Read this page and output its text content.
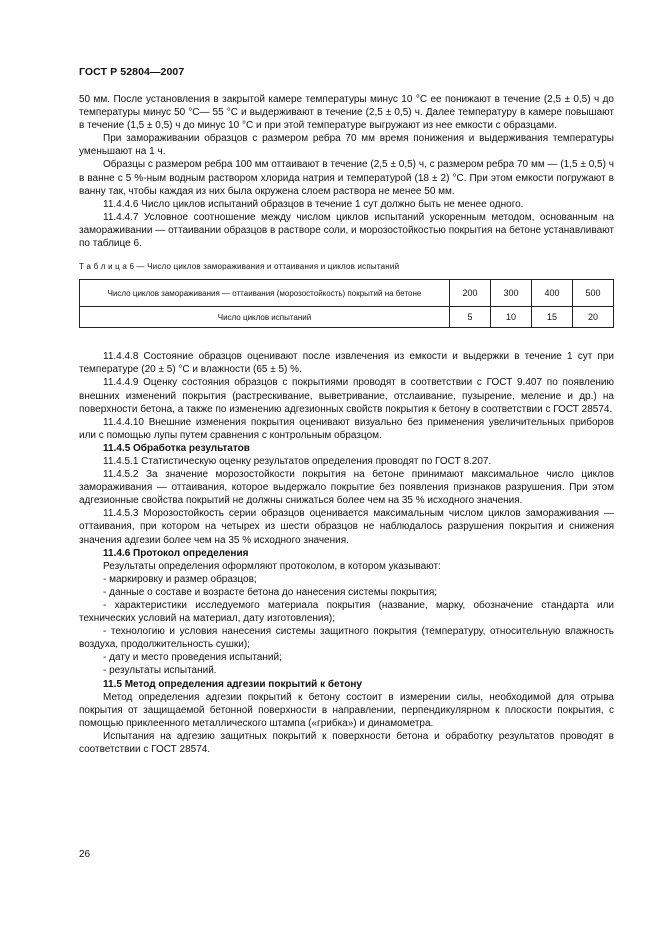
ГОСТ Р 52804—2007

50 мм. После установления в закрытой камере температуры минус 10 °С ее понижают в течение (2,5 ± 0,5) ч до температуры минус 50 °С— 55 °С и выдерживают в течение (2,5 ± 0,5) ч. Далее температуру в камере повышают в течение (1,5 ± 0,5) ч до минус 10 °С и при этой температуре выгружают из нее емкости с образцами.

При замораживании образцов с размером ребра 70 мм время понижения и выдерживания температуры уменьшают на 1 ч.

Образцы с размером ребра 100 мм оттаивают в течение (2,5 ± 0,5) ч, с размером ребра 70 мм — (1,5 ± 0,5) ч в ванне с 5 %-ным водным раствором хлорида натрия и температурой (18 ± 2) °С. При этом емкости погружают в ванну так, чтобы каждая из них была окружена слоем раствора не менее 50 мм.

11.4.4.6 Число циклов испытаний образцов в течение 1 сут должно быть не менее одного.

11.4.4.7 Условное соотношение между числом циклов испытаний ускоренным методом, основанным на замораживании — оттаивании образцов в растворе соли, и морозостойкостью покрытия на бетоне устанавливают по таблице 6.

Т а б л и ц а 6 — Число циклов замораживания и оттаивания и циклов испытаний

Число циклов замораживания — оттаивания (морозостойкость) покрытий на бетоне	200	300	400	500
Число циклов испытаний	5	10	15	20

11.4.4.8 Состояние образцов оценивают после извлечения из емкости и выдержки в течение 1 сут при температуре (20 ± 5) °С и влажности (65 ± 5) %.

11.4.4.9 Оценку состояния образцов с покрытиями проводят в соответствии с ГОСТ 9.407 по появлению внешних изменений покрытия (растрескивание, выветривание, отслаивание, пузырение, меление и др.) на поверхности бетона, а также по изменению адгезионных свойств покрытия к бетону в соответствии с ГОСТ 28574.

11.4.4.10 Внешние изменения покрытия оценивают визуально без применения увеличительных приборов или с помощью лупы путем сравнения с контрольным образцом.

11.4.5 Обработка результатов

11.4.5.1 Статистическую оценку результатов определения проводят по ГОСТ 8.207.

11.4.5.2 За значение морозостойкости покрытия на бетоне принимают максимальное число циклов замораживания — оттаивания, которое выдержало покрытие без появления признаков разрушения. При этом адгезионные свойства покрытий не должны снижаться более чем на 35 % исходного значения.

11.4.5.3 Морозостойкость серии образцов оценивается максимальным числом циклов замораживания — оттаивания, при котором на четырех из шести образцов не наблюдалось разрушения покрытия и снижения значения адгезии более чем на 35 % исходного значения.

11.4.6 Протокол определения

Результаты определения оформляют протоколом, в котором указывают:

- маркировку и размер образцов;

- данные о составе и возрасте бетона до нанесения системы покрытия;

- характеристики исследуемого материала покрытия (название, марку, обозначение стандарта или технических условий на материал, дату изготовления);

- технологию и условия нанесения системы защитного покрытия (температуру, относительную влажность воздуха, продолжительность сушки);

- дату и место проведения испытаний;

- результаты испытаний.

11.5 Метод определения адгезии покрытий к бетону

Метод определения адгезии покрытий к бетону состоит в измерении силы, необходимой для отрыва покрытия от защищаемой бетонной поверхности в направлении, перпендикулярном к плоскости покрытия, с помощью приклеенного металлического штампа («грибка») и динамометра.

Испытания на адгезию защитных покрытий к поверхности бетона и обработку результатов проводят в соответствии с ГОСТ 28574.

26
